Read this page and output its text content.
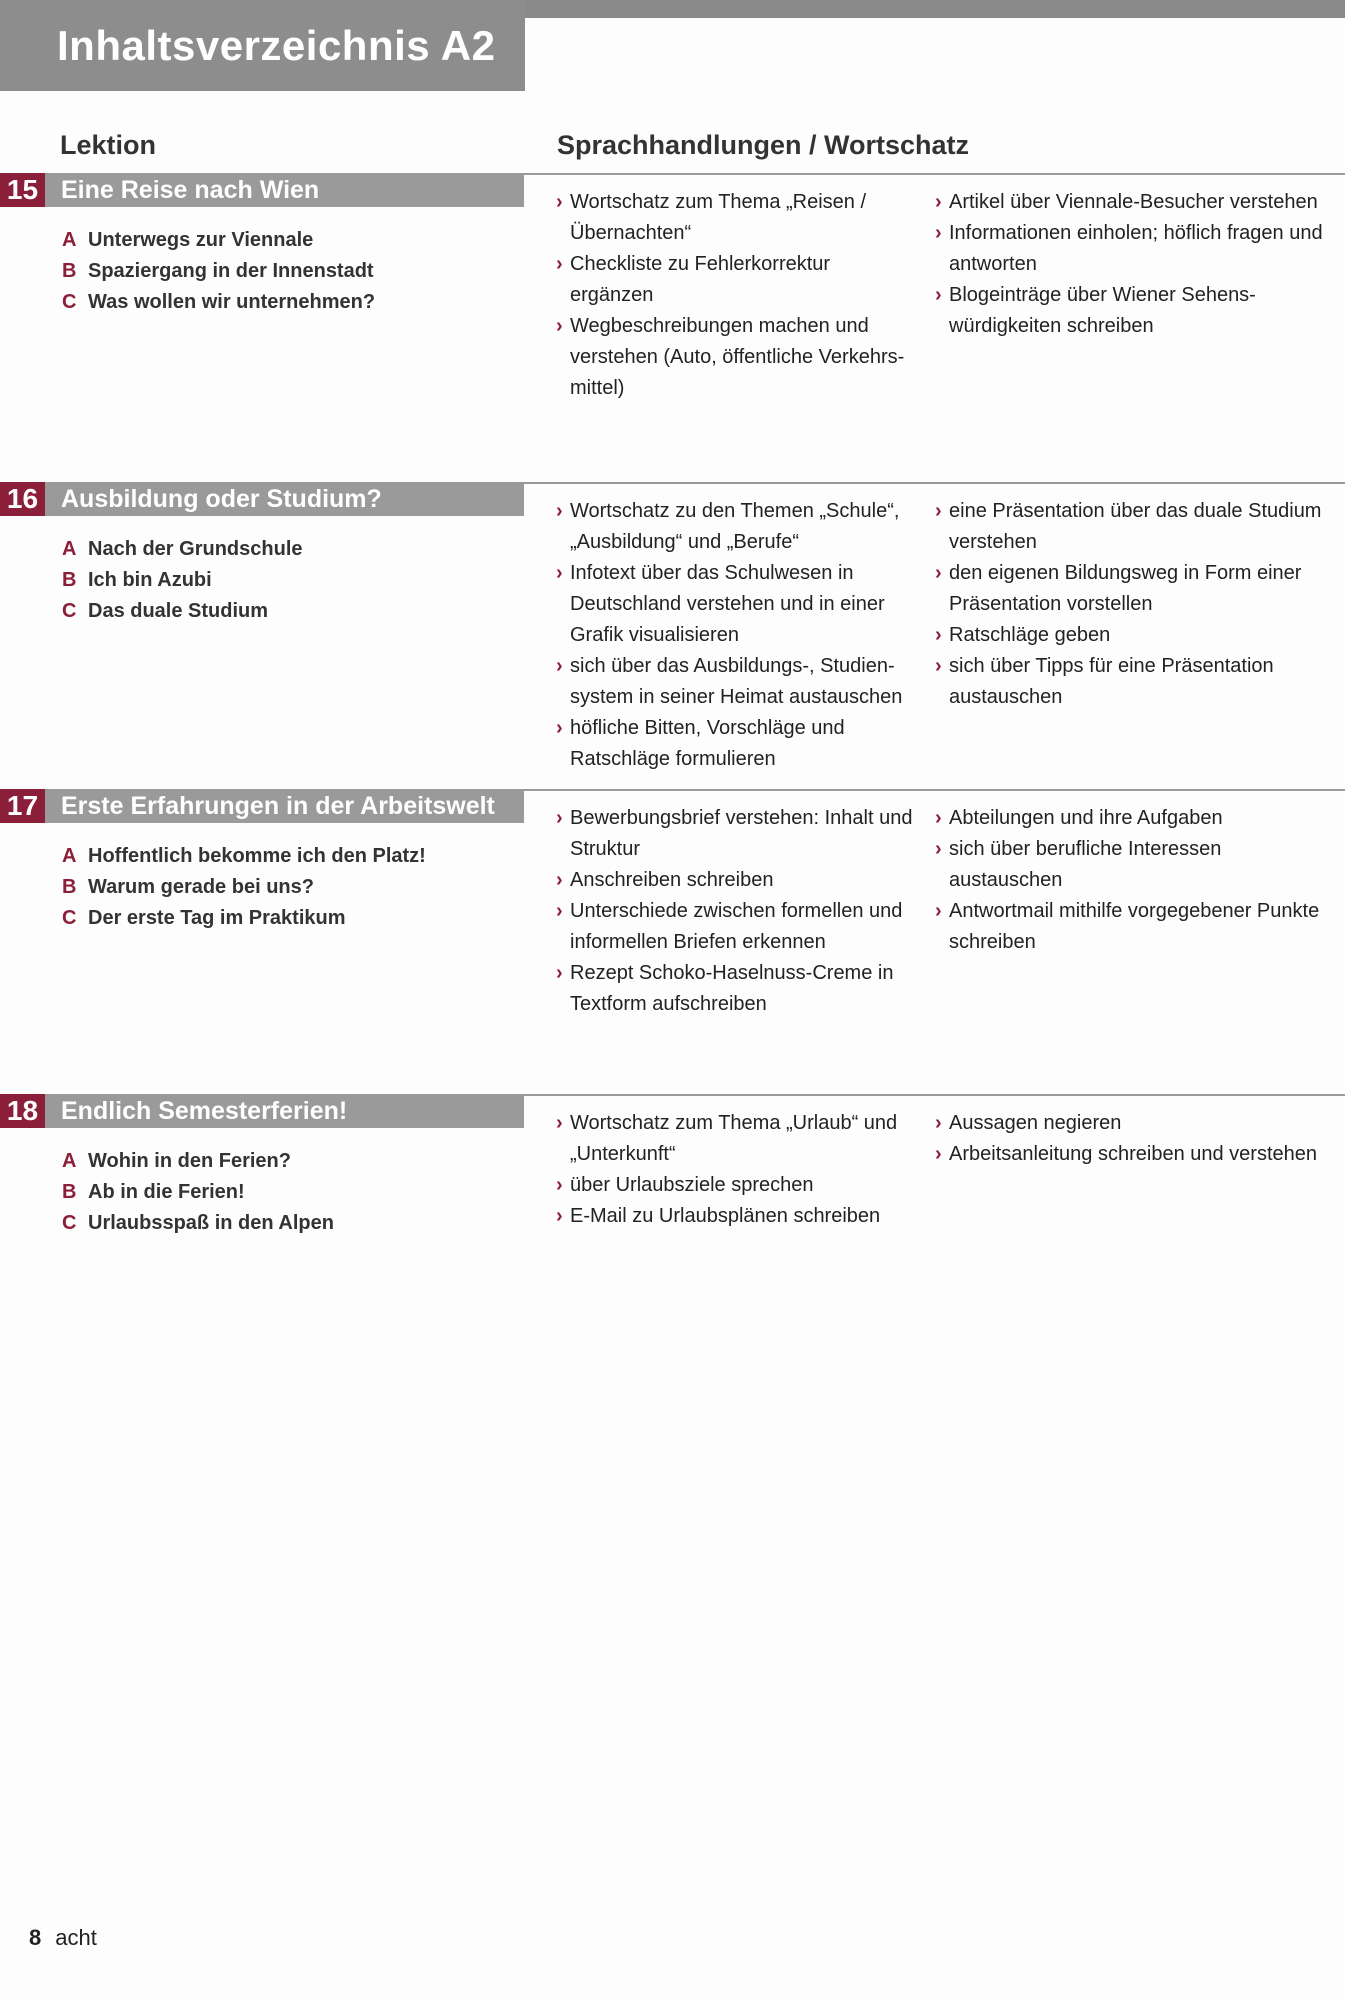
Inhaltsverzeichnis A2
Lektion	Sprachhandlungen / Wortschatz
15 Eine Reise nach Wien
A Unterwegs zur Viennale
B Spaziergang in der Innenstadt
C Was wollen wir unternehmen?
› Wortschatz zum Thema „Reisen / Übernachten“
› Checkliste zu Fehlerkorrektur ergänzen
› Wegbeschreibungen machen und verstehen (Auto, öffentliche Verkehrs-mittel)
› Artikel über Viennale-Besucher verstehen
› Informationen einholen; höflich fragen und antworten
› Blogeinträge über Wiener Sehens-würdigkeiten schreiben
16 Ausbildung oder Studium?
A Nach der Grundschule
B Ich bin Azubi
C Das duale Studium
› Wortschatz zu den Themen „Schule“, „Ausbildung“ und „Berufe“
› Infotext über das Schulwesen in Deutschland verstehen und in einer Grafik visualisieren
› sich über das Ausbildungs-, Studien-system in seiner Heimat austauschen
› höfliche Bitten, Vorschläge und Ratschläge formulieren
› eine Präsentation über das duale Studium verstehen
› den eigenen Bildungsweg in Form einer Präsentation vorstellen
› Ratschläge geben
› sich über Tipps für eine Präsentation austauschen
17 Erste Erfahrungen in der Arbeitswelt
A Hoffentlich bekomme ich den Platz!
B Warum gerade bei uns?
C Der erste Tag im Praktikum
› Bewerbungsbrief verstehen: Inhalt und Struktur
› Anschreiben schreiben
› Unterschiede zwischen formellen und informellen Briefen erkennen
› Rezept Schoko-Haselnuss-Creme in Textform aufschreiben
› Abteilungen und ihre Aufgaben
› sich über berufliche Interessen austauschen
› Antwortmail mithilfe vorgegebener Punkte schreiben
18 Endlich Semesterferien!
A Wohin in den Ferien?
B Ab in die Ferien!
C Urlaubsspaß in den Alpen
› Wortschatz zum Thema „Urlaub“ und „Unterkunft“
› über Urlaubsziele sprechen
› E-Mail zu Urlaubsplänen schreiben
› Aussagen negieren
› Arbeitsanleitung schreiben und verstehen
8 acht
